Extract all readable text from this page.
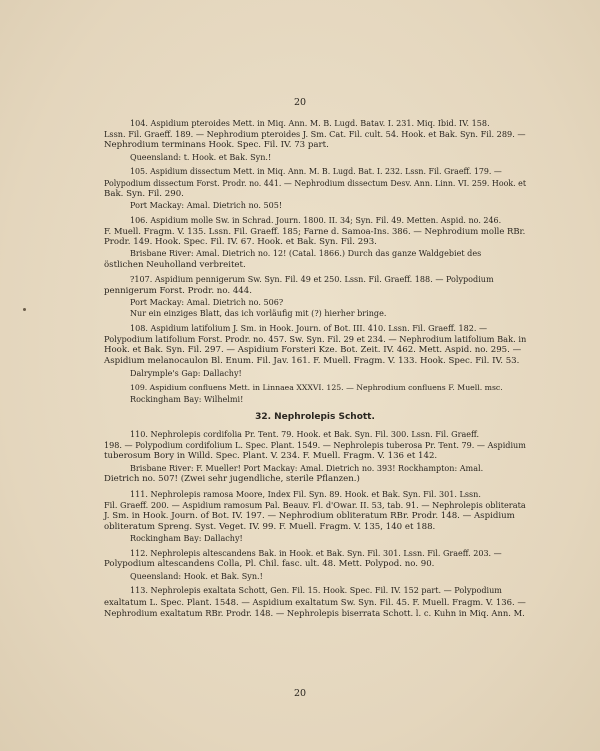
20
104. Aspidium pteroides Mett. in Miq. Ann. M. B. Lugd. Batav. I. 231. Miq. Ibid. IV. 158.
Lssn. Fil. Graeff. 189. — Nephrodium pteroides J. Sm. Cat. Fil. cult. 54. Hook. et Bak. Syn. Fil. 289. —
Nephrodium terminans Hook. Spec. Fil. IV. 73 part.
Queensland: t. Hook. et Bak. Syn.!
105. Aspidium dissectum Mett. in Miq. Ann. M. B. Lugd. Bat. I. 232. Lssn. Fil. Graeff. 179. —
Polypodium dissectum Forst. Prodr. no. 441. — Nephrodium dissectum Desv. Ann. Linn. VI. 259. Hook. et
Bak. Syn. Fil. 290.
Port Mackay: Amal. Dietrich no. 505!
106. Aspidium molle Sw. in Schrad. Journ. 1800. II. 34; Syn. Fil. 49. Metten. Aspid. no. 246.
F. Muell. Fragm. V. 135. Lssn. Fil. Graeff. 185; Farne d. Samoa-Ins. 386. — Nephrodium molle RBr.
Prodr. 149. Hook. Spec. Fil. IV. 67. Hook. et Bak. Syn. Fil. 293.
Brisbane River: Amal. Dietrich no. 12! (Catal. 1866.) Durch das ganze Waldgebiet des
östlichen Neuholland verbreitet.
?107. Aspidium pennigerum Sw. Syn. Fil. 49 et 250. Lssn. Fil. Graeff. 188. — Polypodium
pennigerum Forst. Prodr. no. 444.
Port Mackay: Amal. Dietrich no. 506?
Nur ein einziges Blatt, das ich vorläufig mit (?) hierher bringe.
108. Aspidium latifolium J. Sm. in Hook. Journ. of Bot. III. 410. Lssn. Fil. Graeff. 182. —
Polypodium latifolium Forst. Prodr. no. 457. Sw. Syn. Fil. 29 et 234. — Nephrodium latifolium Bak. in
Hook. et Bak. Syn. Fil. 297. — Aspidium Forsteri Kze. Bot. Zeit. IV. 462. Mett. Aspid. no. 295. —
Aspidium melanocaulon Bl. Enum. Fil. Jav. 161. F. Muell. Fragm. V. 133. Hook. Spec. Fil. IV. 53.
Dalrymple's Gap: Dallachy!
109. Aspidium confluens Mett. in Linnaea XXXVI. 125. — Nephrodium confluens F. Muell. msc.
Rockingham Bay: Wilhelmi!
32. Nephrolepis Schott.
110. Nephrolepis cordifolia Pr. Tent. 79. Hook. et Bak. Syn. Fil. 300. Lssn. Fil. Graeff.
198. — Polypodium cordifolium L. Spec. Plant. 1549. — Nephrolepis tuberosa Pr. Tent. 79. — Aspidium
tuberosum Bory in Willd. Spec. Plant. V. 234. F. Muell. Fragm. V. 136 et 142.
Brisbane River: F. Mueller! Port Mackay: Amal. Dietrich no. 393! Rockhampton: Amal.
Dietrich no. 507! (Zwei sehr jugendliche, sterile Pflanzen.)
111. Nephrolepis ramosa Moore, Index Fil. Syn. 89. Hook. et Bak. Syn. Fil. 301. Lssn.
Fil. Graeff. 200. — Aspidium ramosum Pal. Beauv. Fl. d'Owar. II. 53, tab. 91. — Nephrolepis obliterata
J. Sm. in Hook. Journ. of Bot. IV. 197. — Nephrodium obliteratum RBr. Prodr. 148. — Aspidium
obliteratum Spreng. Syst. Veget. IV. 99. F. Muell. Fragm. V. 135, 140 et 188.
Rockingham Bay: Dallachy!
112. Nephrolepis altescandens Bak. in Hook. et Bak. Syn. Fil. 301. Lssn. Fil. Graeff. 203. —
Polypodium altescandens Colla, Pl. Chil. fasc. ult. 48. Mett. Polypod. no. 90.
Queensland: Hook. et Bak. Syn.!
113. Nephrolepis exaltata Schott, Gen. Fil. 15. Hook. Spec. Fil. IV. 152 part. — Polypodium
exaltatum L. Spec. Plant. 1548. — Aspidium exaltatum Sw. Syn. Fil. 45. F. Muell. Fragm. V. 136. —
Nephrodium exaltatum RBr. Prodr. 148. — Nephrolepis biserrata Schott. l. c. Kuhn in Miq. Ann. M.
20
